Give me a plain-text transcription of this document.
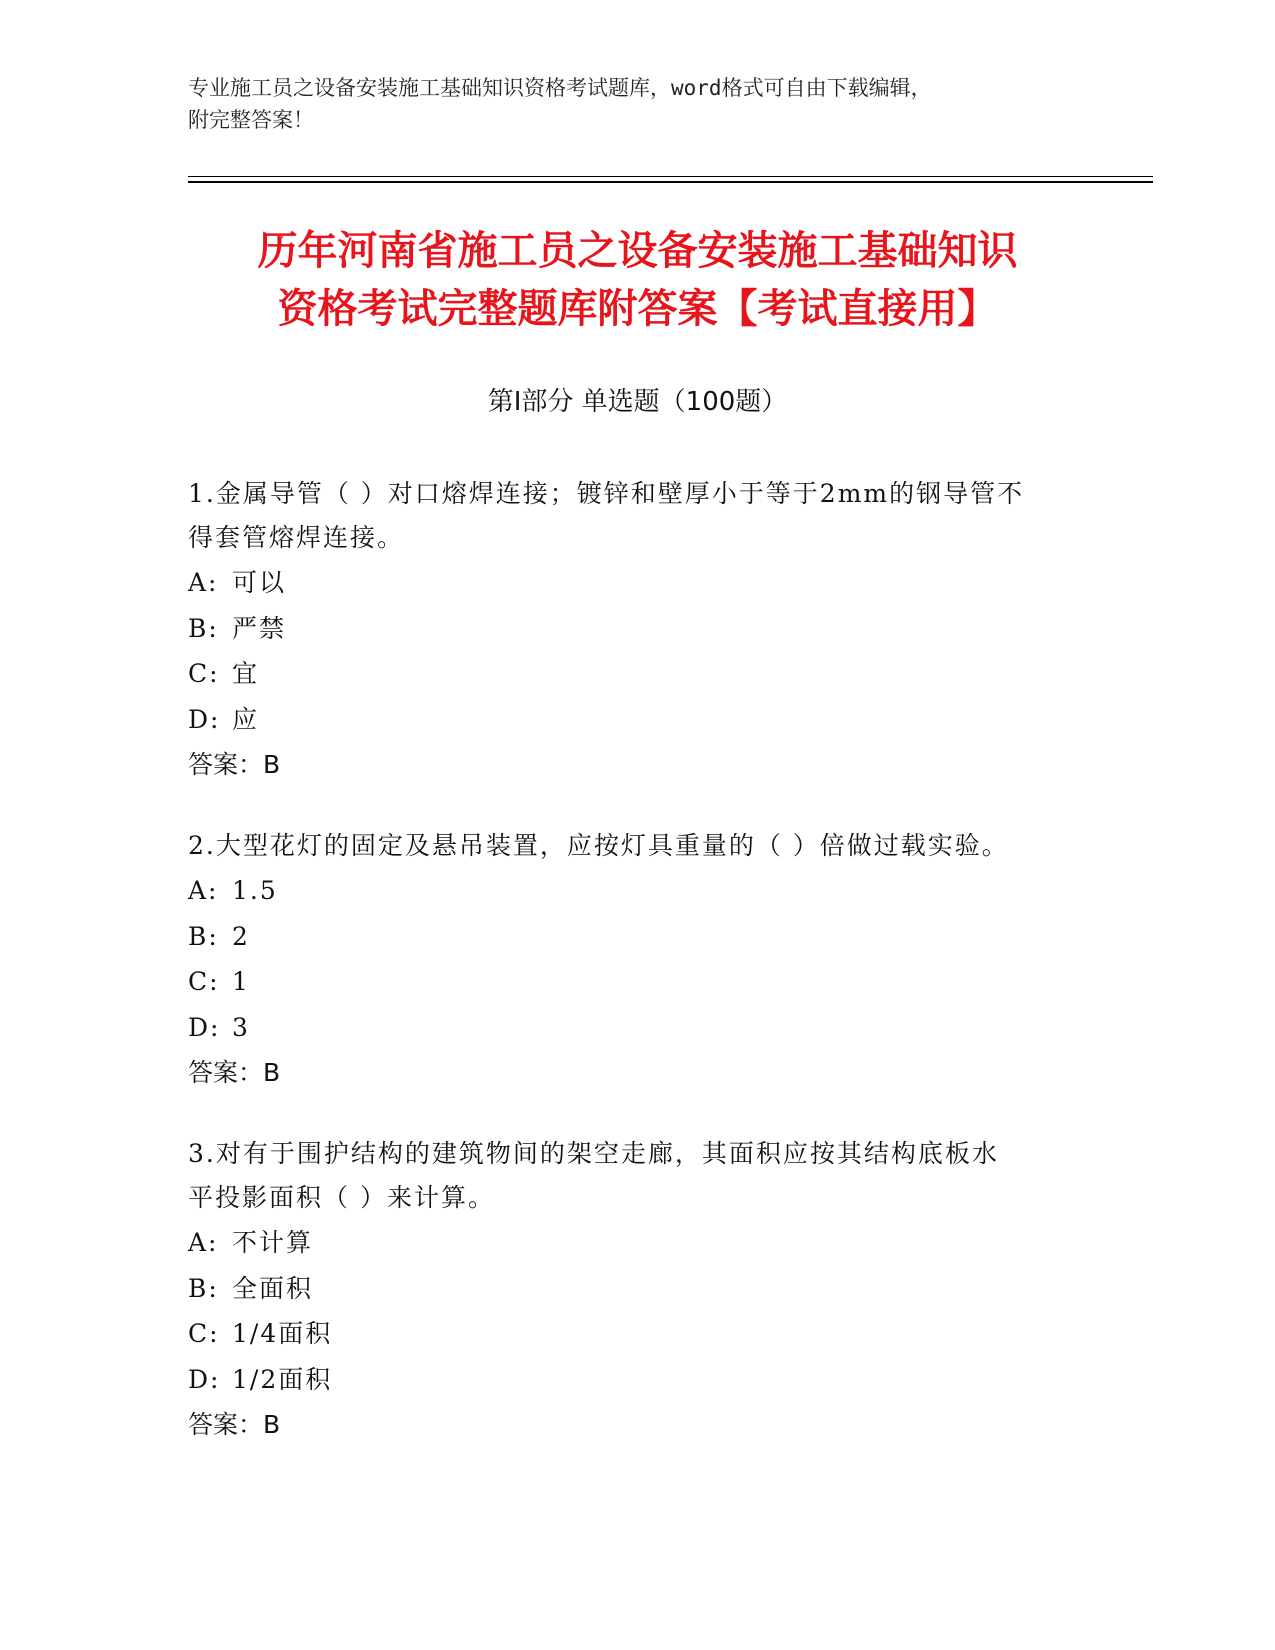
专业施工员之设备安装施工基础知识资格考试题库，word格式可自由下载编辑，
附完整答案！
历年河南省施工员之设备安装施工基础知识
资格考试完整题库附答案【考试直接用】
第Ⅰ部分 单选题（100题）

1.金属导管（ ）对口熔焊连接；镀锌和壁厚小于等于2mm的钢导管不
得套管熔焊连接。

A: 可以
B: 严禁
C: 宜
D: 应
答案：B

2.大型花灯的固定及悬吊装置，应按灯具重量的（ ）倍做过载实验。

A: 1.5
B: 2
C: 1
D: 3
答案：B

3.对有于围护结构的建筑物间的架空走廊，其面积应按其结构底板水
平投影面积（ ）来计算。

A: 不计算
B: 全面积
C: 1/4面积
D: 1/2面积
答案：B
